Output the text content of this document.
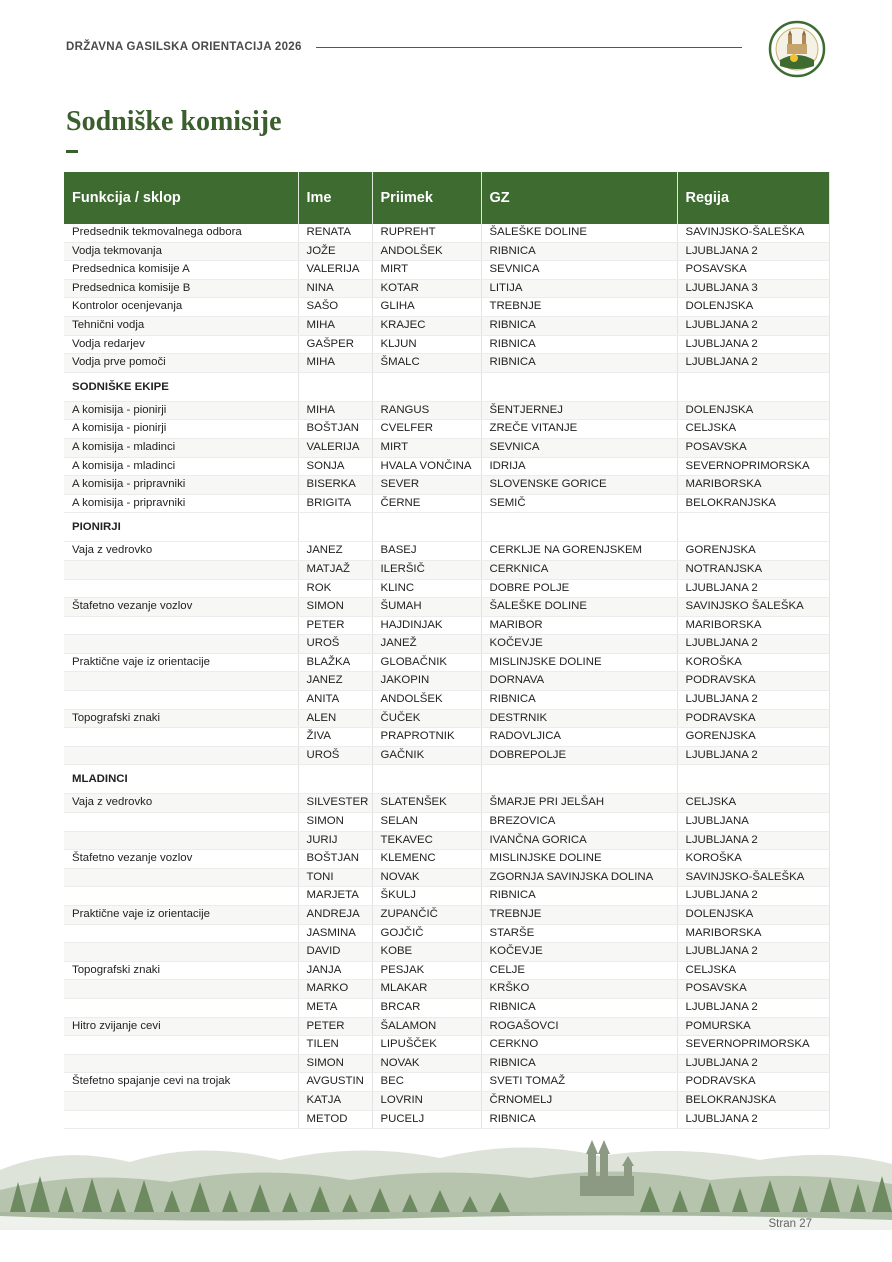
DRŽAVNA GASILSKA ORIENTACIJA 2026
Sodniške komisije
Funkcija / sklop	Ime	Priimek	GZ	Regija
Predsednik tekmovalnega odbora	RENATA	RUPREHT	ŠALEŠKE DOLINE	SAVINJSKO-ŠALEŠKA
Vodja tekmovanja	JOŽE	ANDOLŠEK	RIBNICA	LJUBLJANA 2
Predsednica komisije A	VALERIJA	MIRT	SEVNICA	POSAVSKA
Predsednica komisije B	NINA	KOTAR	LITIJA	LJUBLJANA 3
Kontrolor ocenjevanja	SAŠO	GLIHA	TREBNJE	DOLENJSKA
Tehnični vodja	MIHA	KRAJEC	RIBNICA	LJUBLJANA 2
Vodja redarjev	GAŠPER	KLJUN	RIBNICA	LJUBLJANA 2
Vodja prve pomoči	MIHA	ŠMALC	RIBNICA	LJUBLJANA 2
SODNIŠKE EKIPE				
A komisija - pionirji	MIHA	RANGUS	ŠENTJERNEJ	DOLENJSKA
A komisija - pionirji	BOŠTJAN	CVELFER	ZREČE VITANJE	CELJSKA
A komisija - mladinci	VALERIJA	MIRT	SEVNICA	POSAVSKA
A komisija - mladinci	SONJA	HVALA VONČINA	IDRIJA	SEVERNOPRIMORSKA
A komisija - pripravniki	BISERKA	SEVER	SLOVENSKE GORICE	MARIBORSKA
A komisija - pripravniki	BRIGITA	ČERNE	SEMIČ	BELOKRANJSKA
PIONIRJI				
Vaja z vedrovko	JANEZ	BASEJ	CERKLJE NA GORENJSKEM	GORENJSKA
	MATJAŽ	ILERŠIČ	CERKNICA	NOTRANJSKA
	ROK	KLINC	DOBRE POLJE	LJUBLJANA 2
Štafetno vezanje vozlov	SIMON	ŠUMAH	ŠALEŠKE DOLINE	SAVINJSKO ŠALEŠKA
	PETER	HAJDINJAK	MARIBOR	MARIBORSKA
	UROŠ	JANEŽ	KOČEVJE	LJUBLJANA 2
Praktične vaje iz orientacije	BLAŽKA	GLOBAČNIK	MISLINJSKE DOLINE	KOROŠKA
	JANEZ	JAKOPIN	DORNAVA	PODRAVSKA
	ANITA	ANDOLŠEK	RIBNICA	LJUBLJANA 2
Topografski znaki	ALEN	ČUČEK	DESTRNIK	PODRAVSKA
	ŽIVA	PRAPROTNIK	RADOVLJICA	GORENJSKA
	UROŠ	GAČNIK	DOBREPOLJE	LJUBLJANA 2
MLADINCI				
Vaja z vedrovko	SILVESTER	SLATENŠEK	ŠMARJE PRI JELŠAH	CELJSKA
	SIMON	SELAN	BREZOVICA	LJUBLJANA
	JURIJ	TEKAVEC	IVANČNA GORICA	LJUBLJANA 2
Štafetno vezanje vozlov	BOŠTJAN	KLEMENC	MISLINJSKE DOLINE	KOROŠKA
	TONI	NOVAK	ZGORNJA SAVINJSKA DOLINA	SAVINJSKO-ŠALEŠKA
	MARJETA	ŠKULJ	RIBNICA	LJUBLJANA 2
Praktične vaje iz orientacije	ANDREJA	ZUPANČIČ	TREBNJE	DOLENJSKA
	JASMINA	GOJČIČ	STARŠE	MARIBORSKA
	DAVID	KOBE	KOČEVJE	LJUBLJANA 2
Topografski znaki	JANJA	PESJAK	CELJE	CELJSKA
	MARKO	MLAKAR	KRŠKO	POSAVSKA
	META	BRCAR	RIBNICA	LJUBLJANA 2
Hitro zvijanje cevi	PETER	ŠALAMON	ROGAŠOVCI	POMURSKA
	TILEN	LIPUŠČEK	CERKNO	SEVERNOPRIMORSKA
	SIMON	NOVAK	RIBNICA	LJUBLJANA 2
Štefetno spajanje cevi na trojak	AVGUSTIN	BEC	SVETI TOMAŽ	PODRAVSKA
	KATJA	LOVRIN	ČRNOMELJ	BELOKRANJSKA
	METOD	PUCELJ	RIBNICA	LJUBLJANA 2
Stran 27
